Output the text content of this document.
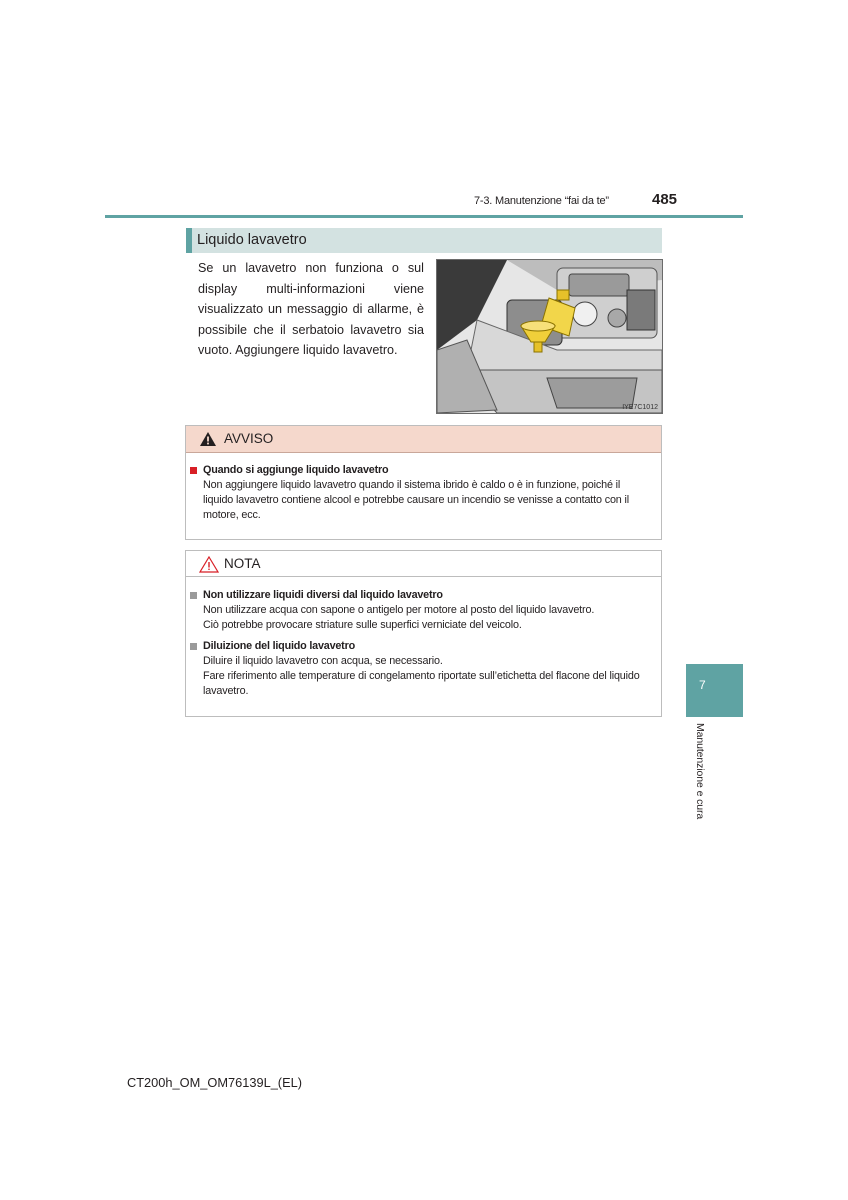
7-3. Manutenzione “fai da te”	485
Liquido lavavetro
Se un lavavetro non funziona o sul display multi-informazioni viene visualizzato un messaggio di allarme, è possibile che il serbatoio lavavetro sia vuoto. Aggiungere liquido lavavetro.
IYE7C1012
AVVISO
Quando si aggiunge liquido lavavetro
Non aggiungere liquido lavavetro quando il sistema ibrido è caldo o è in funzione, poiché il liquido lavavetro contiene alcool e potrebbe causare un incendio se venisse a contatto con il motore, ecc.
NOTA
Non utilizzare liquidi diversi dal liquido lavavetro
Non utilizzare acqua con sapone o antigelo per motore al posto del liquido lavavetro.
Ciò potrebbe provocare striature sulle superfici verniciate del veicolo.
Diluizione del liquido lavavetro
Diluire il liquido lavavetro con acqua, se necessario.
Fare riferimento alle temperature di congelamento riportate sull’etichetta del flacone del liquido lavavetro.	7
Manutenzione e cura
CT200h_OM_OM76139L_(EL)
